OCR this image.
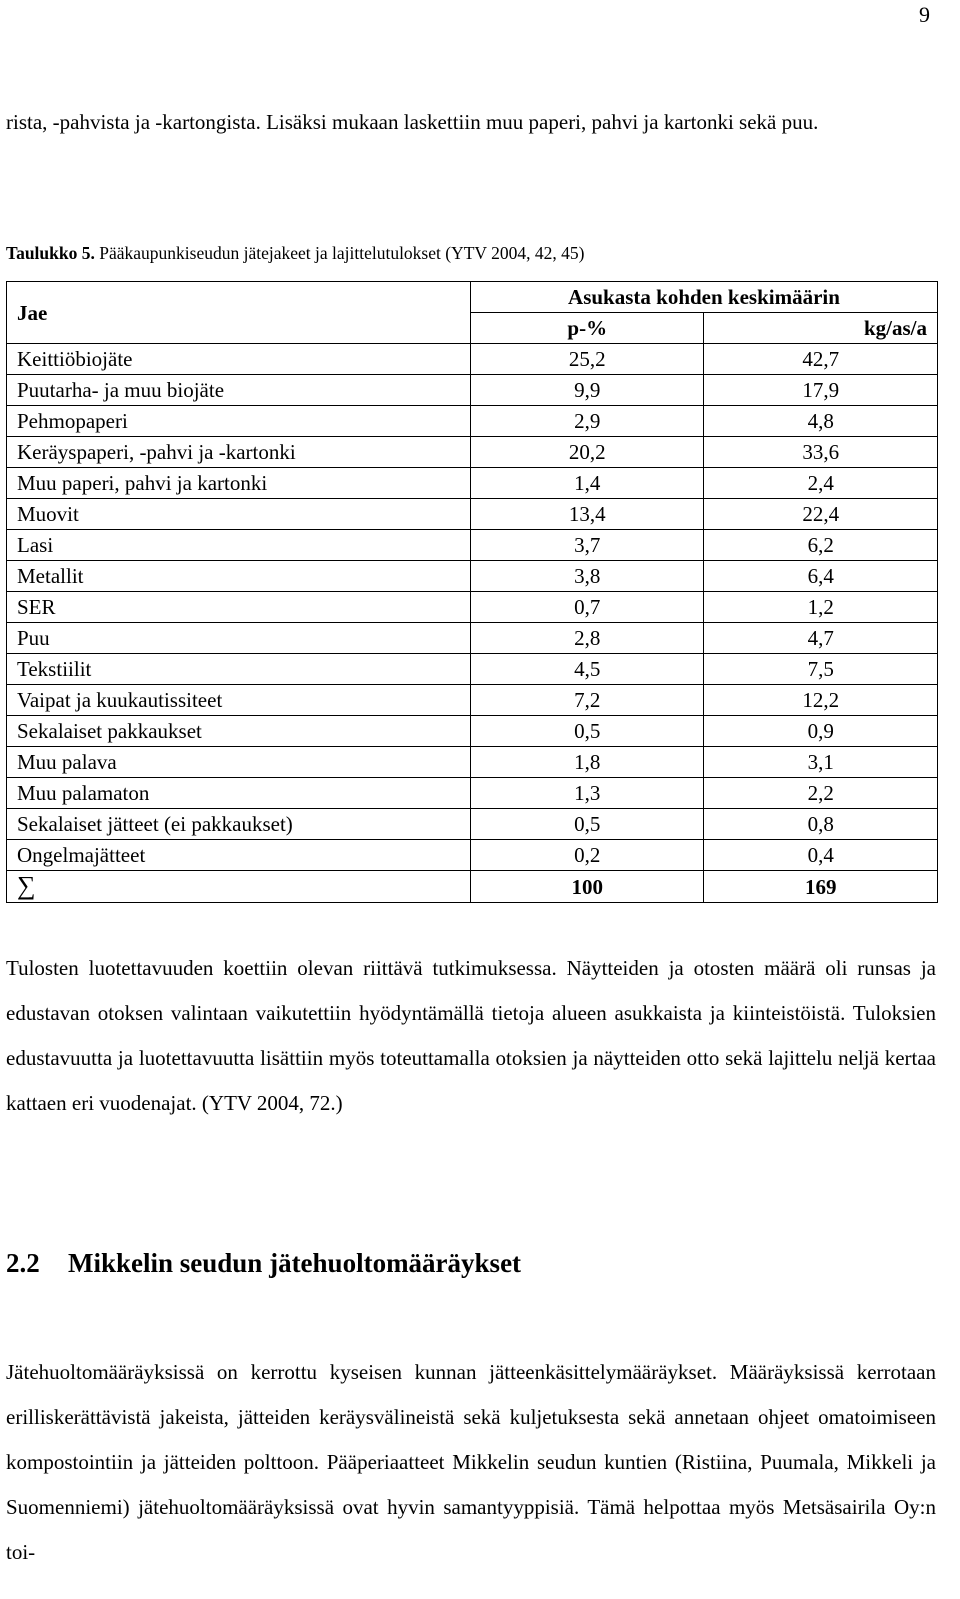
9
rista, -pahvista ja -kartongista. Lisäksi mukaan laskettiin muu paperi, pahvi ja kartonki sekä puu.
Taulukko 5. Pääkaupunkiseudun jätejakeet ja lajittelutulokset (YTV 2004, 42, 45)
Jae	Asukasta kohden keskimäärin	
	p-%	kg/as/a
Keittiöbiojäte	25,2	42,7
Puutarha- ja muu biojäte	9,9	17,9
Pehmopaperi	2,9	4,8
Keräyspaperi, -pahvi ja -kartonki	20,2	33,6
Muu paperi, pahvi ja kartonki	1,4	2,4
Muovit	13,4	22,4
Lasi	3,7	6,2
Metallit	3,8	6,4
SER	0,7	1,2
Puu	2,8	4,7
Tekstiilit	4,5	7,5
Vaipat ja kuukautissiteet	7,2	12,2
Sekalaiset pakkaukset	0,5	0,9
Muu palava	1,8	3,1
Muu palamaton	1,3	2,2
Sekalaiset jätteet (ei pakkaukset)	0,5	0,8
Ongelmajätteet	0,2	0,4
∑	100	169
Tulosten luotettavuuden koettiin olevan riittävä tutkimuksessa. Näytteiden ja otosten määrä oli runsas ja edustavan otoksen valintaan vaikutettiin hyödyntämällä tietoja alueen asukkaista ja kiinteistöistä. Tuloksien edustavuutta ja luotettavuutta lisättiin myös toteuttamalla otoksien ja näytteiden otto sekä lajittelu neljä kertaa kattaen eri vuodenajat. (YTV 2004, 72.)
2.2 Mikkelin seudun jätehuoltomääräykset
Jätehuoltomääräyksissä on kerrottu kyseisen kunnan jätteenkäsittelymääräykset. Määräyksissä kerrotaan erilliskerättävistä jakeista, jätteiden keräysvälineistä sekä kuljetuksesta sekä annetaan ohjeet omatoimiseen kompostointiin ja jätteiden polttoon. Pääperiaatteet Mikkelin seudun kuntien (Ristiina, Puumala, Mikkeli ja Suomenniemi) jätehuoltomääräyksissä ovat hyvin samantyyppisiä. Tämä helpottaa myös Metsäsairila Oy:n toi-
